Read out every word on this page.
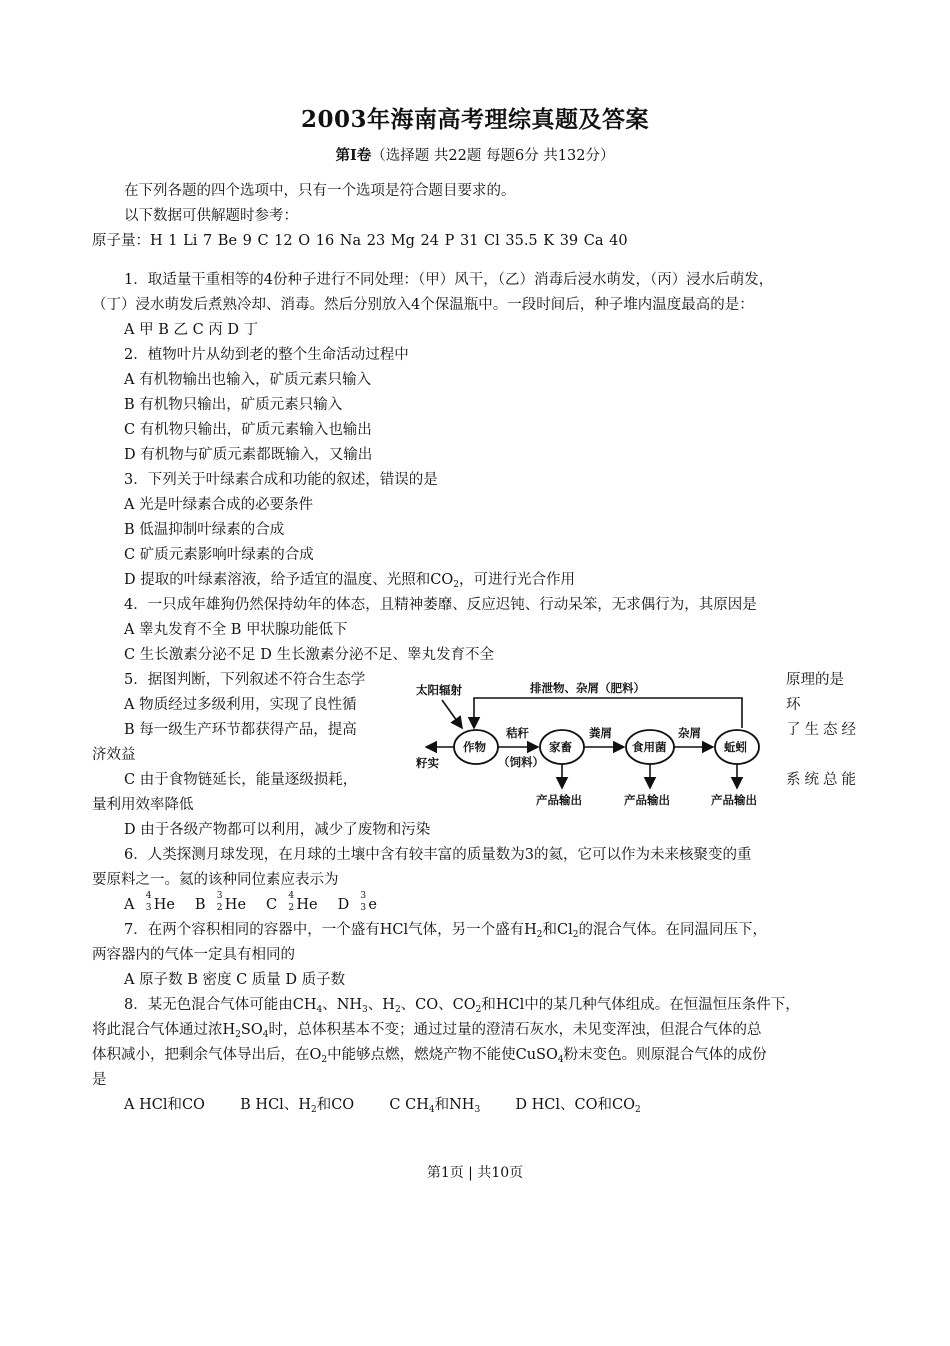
2003年海南高考理综真题及答案
第Ⅰ卷（选择题 共22题 每题6分 共132分）
在下列各题的四个选项中，只有一个选项是符合题目要求的。
以下数据可供解题时参考：
原子量：H 1 Li 7 Be 9 C 12 O 16 Na 23 Mg 24 P 31 Cl 35.5 K 39 Ca 40
1．取适量干重相等的4份种子进行不同处理：（甲）风干，（乙）消毒后浸水萌发，（丙）浸水后萌发，
（丁）浸水萌发后煮熟冷却、消毒。然后分别放入4个保温瓶中。一段时间后，种子堆内温度最高的是：
A 甲 B 乙 C 丙 D 丁
2．植物叶片从幼到老的整个生命活动过程中
A 有机物输出也输入，矿质元素只输入
B 有机物只输出，矿质元素只输入
C 有机物只输出，矿质元素输入也输出
D 有机物与矿质元素都既输入，又输出
3．下列关于叶绿素合成和功能的叙述，错误的是
A 光是叶绿素合成的必要条件
B 低温抑制叶绿素的合成
C 矿质元素影响叶绿素的合成
D 提取的叶绿素溶液，给予适宜的温度、光照和$CO_2$，可进行光合作用
4．一只成年雄狗仍然保持幼年的体态，且精神萎靡、反应迟钝、行动呆笨，无求偶行为，其原因是
A 睾丸发育不全 B 甲状腺功能低下
C 生长激素分泌不足 D 生长激素分泌不足、睾丸发育不全
5．据图判断，下列叙述不符合生态学	原理的是
A 物质经过多级利用，实现了良性循	环
B 每一级生产环节都获得产品，提高	了生态经
济效益
C 由于食物链延长，能量逐级损耗，	系统总能
量利用效率降低
D 由于各级产物都可以利用，减少了废物和污染
排泄物、杂屑（肥料）
太阳辐射
作物	家畜	食用菌	蚯蚓
籽实
秸秆
（饲料）
粪屑	杂屑
产品输出	产品输出	产品输出
6．人类探测月球发现，在月球的土壤中含有较丰富的质量数为3的氦，它可以作为未来核聚变的重
要原料之一。氦的该种同位素应表示为
A
4
3 He B
3
2 He C
4
2 He D
3
3 e
7．在两个容积相同的容器中，一个盛有HCl气体，另一个盛有$H_2$和$Cl_2$的混合气体。在同温同压下，
两容器内的气体一定具有相同的
A 原子数 B 密度 C 质量 D 质子数
8．某无色混合气体可能由$CH_4$、$NH_3$、$H_2$、CO、$CO_2$和HCl中的某几种气体组成。在恒温恒压条件下，
将此混合气体通过浓$H_2SO_4$时，总体积基本不变；通过过量的澄清石灰水，未见变浑浊，但混合气体的总
体积减小，把剩余气体导出后，在$O_2$中能够点燃，燃烧产物不能使CuSO$_4$粉末变色。则原混合气体的成份
是
A HCl和CO B HCl、$H_2$和CO C $CH_4$和$NH_3$ D HCl、CO和$CO_2$
第1页 | 共10页
